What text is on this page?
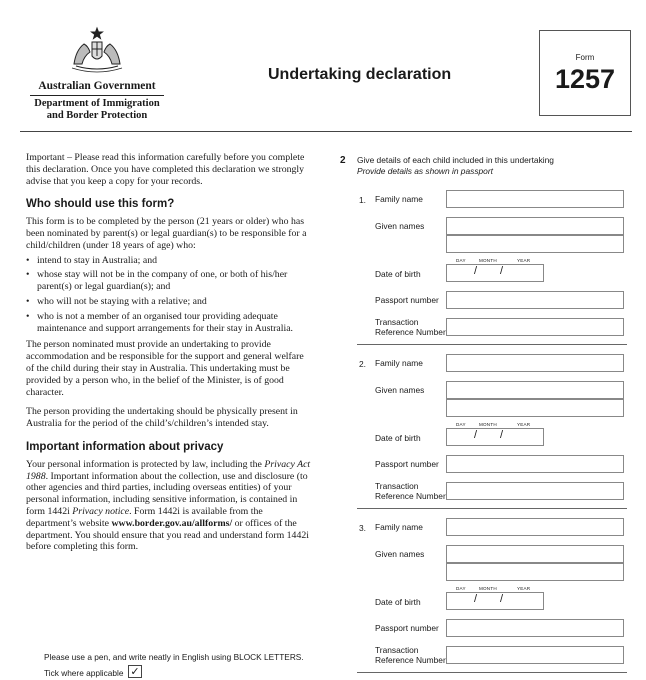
Australian Government
Department of Immigration and Border Protection
Undertaking declaration
Form
1257

Important – Please read this information carefully before you complete this declaration. Once you have completed this declaration we strongly advise that you keep a copy for your records.

Who should use this form?

This form is to be completed by the person (21 years or older) who has been nominated by parent(s) or legal guardian(s) to be responsible for a child/children (under 18 years of age) who:

• intend to stay in Australia; and
• whose stay will not be in the company of one, or both of his/her parent(s) or legal guardian(s); and
• who will not be staying with a relative; and
• who is not a member of an organised tour providing adequate maintenance and support arrangements for their stay in Australia.

The person nominated must provide an undertaking to provide accommodation and be responsible for the support and general welfare of the child during their stay in Australia. This undertaking must be provided by a person who, in the belief of the Minister, is of good character.

The person providing the undertaking should be physically present in Australia for the period of the child’s/children’s intended stay.

Important information about privacy

Your personal information is protected by law, including the Privacy Act 1988. Important information about the collection, use and disclosure (to other agencies and third parties, including overseas entities) of your personal information, including sensitive information, is contained in form 1442i Privacy notice. Form 1442i is available from the department’s website www.border.gov.au/allforms/ or offices of the department. You should ensure that you read and understand form 1442i before completing this form.

Please use a pen, and write neatly in English using BLOCK LETTERS.
Tick where applicable ✓
2 Give details of each child included in this undertaking
Provide details as shown in passport
1. Family name
Given names
DAY	MONTH	YEAR
Date of birth	/ /
Passport number
Transaction
Reference Number
2. Family name
Given names
DAY	MONTH	YEAR
Date of birth	/ /
Passport number
Transaction
Reference Number
3. Family name
Given names
DAY	MONTH	YEAR
Date of birth	/ /
Passport number
Transaction
Reference Number
